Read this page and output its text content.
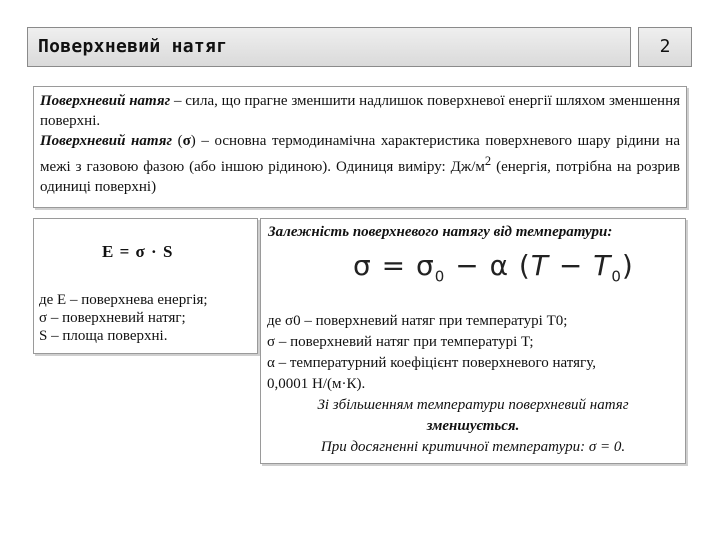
Поверхневий натяг	2

Поверхневий натяг – сила, що прагне зменшити надлишок поверхневої енергії шляхом зменшення поверхні.

Поверхневий натяг (σ) – основна термодинамічна характеристика поверхневого шару рідини на межі з газовою фазою (або іншою рідиною). Одиниця виміру: $Дж/м^2$ (енергія, потрібна на розрив одиниці поверхні)

E = σ · S
де E – поверхнева енергія;
σ – поверхневий натяг;
S – площа поверхні.
Залежність поверхневого натягу від температури:
$\sigma = \sigma_0 - \alpha$ $(T - T_0)$
де σ0 – поверхневий натяг при температурі T0;
σ – поверхневий натяг при температурі T;
α – температурний коефіцієнт поверхневого натягу,
0,0001 Н/(м·К).
Зі збільшенням температури поверхневий натяг
зменшується.
При досягненні критичної температури: σ = 0.
